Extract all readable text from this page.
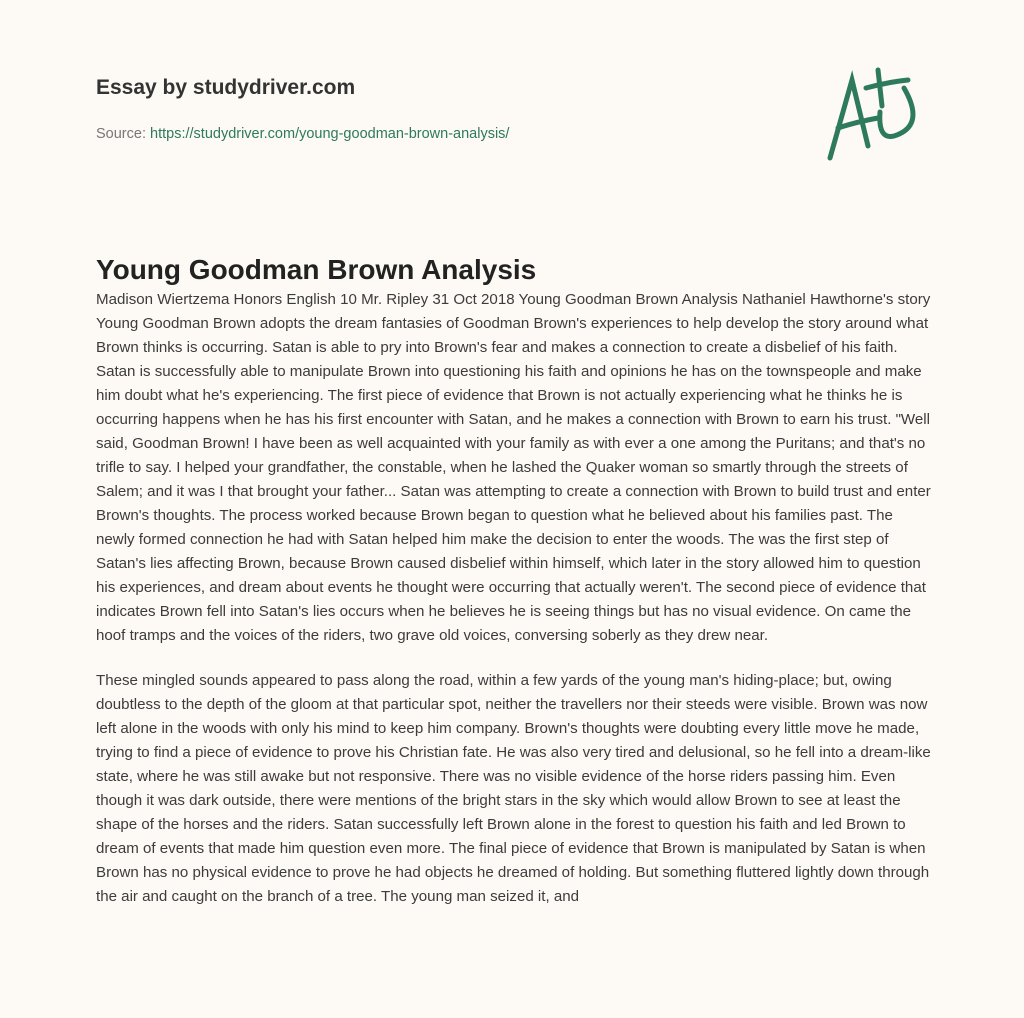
Essay by studydriver.com

Source: https://studydriver.com/young-goodman-brown-analysis/
Young Goodman Brown Analysis

Madison Wiertzema Honors English 10 Mr. Ripley 31 Oct 2018 Young Goodman Brown Analysis Nathaniel Hawthorne's story Young Goodman Brown adopts the dream fantasies of Goodman Brown's experiences to help develop the story around what Brown thinks is occurring. Satan is able to pry into Brown's fear and makes a connection to create a disbelief of his faith. Satan is successfully able to manipulate Brown into questioning his faith and opinions he has on the townspeople and make him doubt what he's experiencing. The first piece of evidence that Brown is not actually experiencing what he thinks he is occurring happens when he has his first encounter with Satan, and he makes a connection with Brown to earn his trust. "Well said, Goodman Brown! I have been as well acquainted with your family as with ever a one among the Puritans; and that's no trifle to say. I helped your grandfather, the constable, when he lashed the Quaker woman so smartly through the streets of Salem; and it was I that brought your father... Satan was attempting to create a connection with Brown to build trust and enter Brown's thoughts. The process worked because Brown began to question what he believed about his families past. The newly formed connection he had with Satan helped him make the decision to enter the woods. The was the first step of Satan's lies affecting Brown, because Brown caused disbelief within himself, which later in the story allowed him to question his experiences, and dream about events he thought were occurring that actually weren't. The second piece of evidence that indicates Brown fell into Satan's lies occurs when he believes he is seeing things but has no visual evidence. On came the hoof tramps and the voices of the riders, two grave old voices, conversing soberly as they drew near.

These mingled sounds appeared to pass along the road, within a few yards of the young man's hiding-place; but, owing doubtless to the depth of the gloom at that particular spot, neither the travellers nor their steeds were visible. Brown was now left alone in the woods with only his mind to keep him company. Brown's thoughts were doubting every little move he made, trying to find a piece of evidence to prove his Christian fate. He was also very tired and delusional, so he fell into a dream-like state, where he was still awake but not responsive. There was no visible evidence of the horse riders passing him. Even though it was dark outside, there were mentions of the bright stars in the sky which would allow Brown to see at least the shape of the horses and the riders. Satan successfully left Brown alone in the forest to question his faith and led Brown to dream of events that made him question even more. The final piece of evidence that Brown is manipulated by Satan is when Brown has no physical evidence to prove he had objects he dreamed of holding. But something fluttered lightly down through the air and caught on the branch of a tree. The young man seized it, and
